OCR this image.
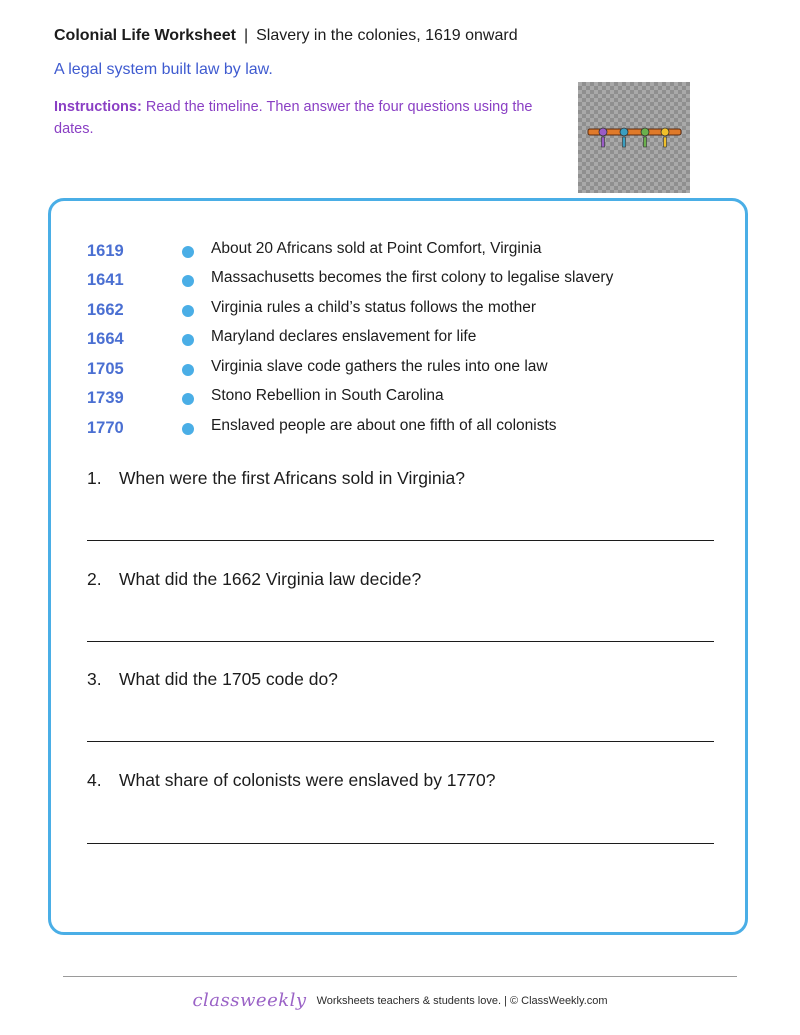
Colonial Life Worksheet | Slavery in the colonies, 1619 onward
A legal system built law by law.
Instructions: Read the timeline. Then answer the four questions using the dates.
1619	About 20 Africans sold at Point Comfort, Virginia
1641	Massachusetts becomes the first colony to legalise slavery
1662	Virginia rules a child’s status follows the mother
1664	Maryland declares enslavement for life
1705	Virginia slave code gathers the rules into one law
1739	Stono Rebellion in South Carolina
1770	Enslaved people are about one fifth of all colonists
1. When were the first Africans sold in Virginia?
2. What did the 1662 Virginia law decide?
3. What did the 1705 code do?
4. What share of colonists were enslaved by 1770?
classweekly Worksheets teachers & students love. | © ClassWeekly.com
